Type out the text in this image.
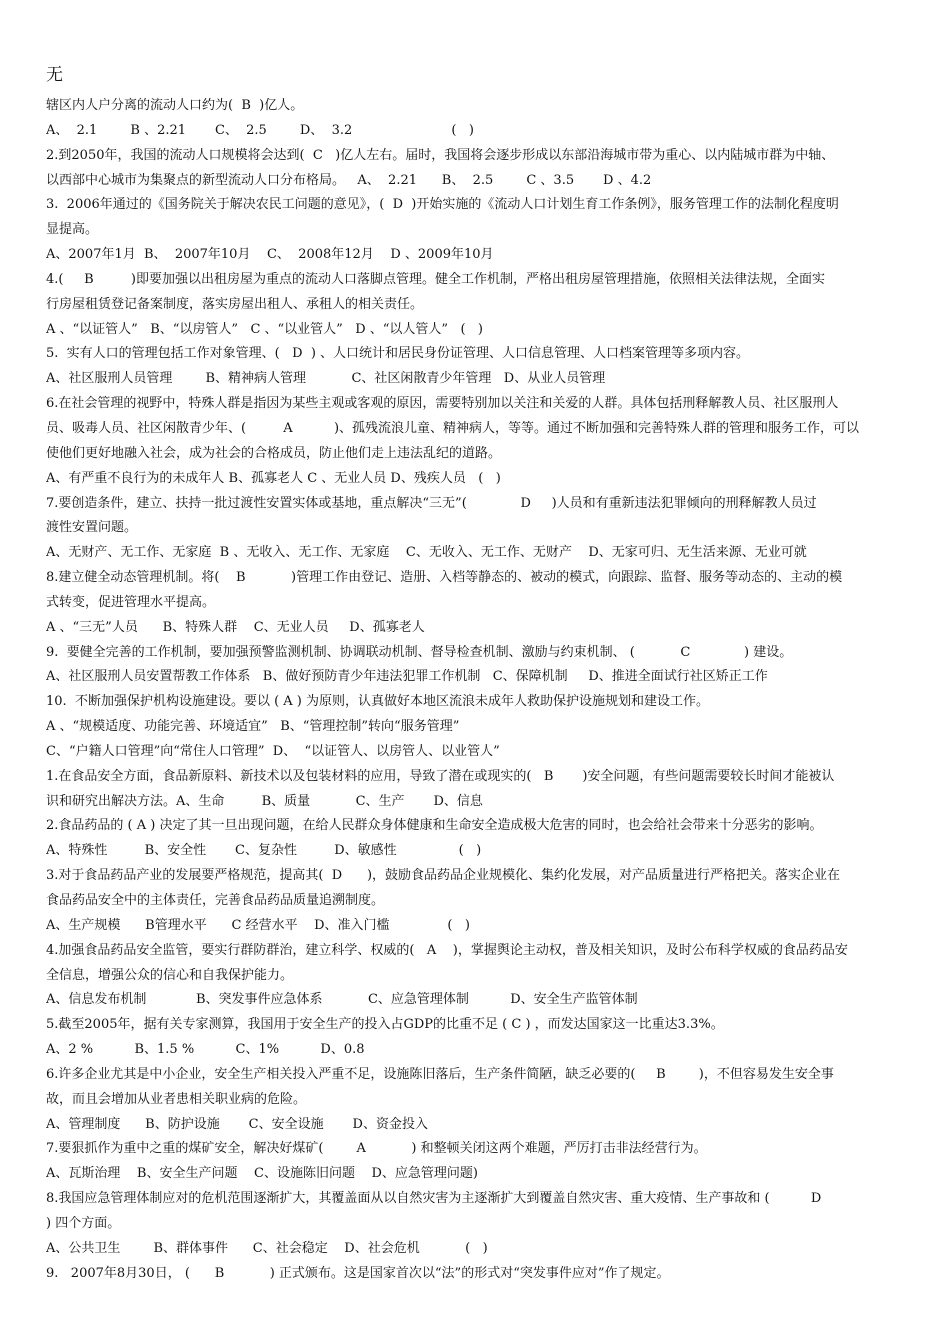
无
辖区内人户分离的流动人口约为(  B  )亿人。
A、  2.1        B 、2.21       C、  2.5        D、  3.2                        (   )
2.到2050年，我国的流动人口规模将会达到(  C   )亿人左右。届时，我国将会逐步形成以东部沿海城市带为重心、以内陆城市群为中轴、
以西部中心城市为集聚点的新型流动人口分布格局。   A、  2.21      B、  2.5        C 、3.5       D 、4.2
3.  2006年通过的《国务院关于解决农民工问题的意见》，(  D  )开始实施的《流动人口计划生育工作条例》，服务管理工作的法制化程度明
显提高。
A、2007年1月  B、  2007年10月    C、  2008年12月    D 、2009年10月
4.(     B         )即要加强以出租房屋为重点的流动人口落脚点管理。健全工作机制，严格出租房屋管理措施，依照相关法律法规，全面实
行房屋租赁登记备案制度，落实房屋出租人、承租人的相关责任。
A 、“以证管人”   B、“以房管人”   C 、“以业管人”   D 、“以人管人”   (   )
5.  实有人口的管理包括工作对象管理、(   D  ) 、人口统计和居民身份证管理、人口信息管理、人口档案管理等多项内容。
A、社区服刑人员管理        B、精神病人管理           C、社区闲散青少年管理   D、从业人员管理
6.在社会管理的视野中，特殊人群是指因为某些主观或客观的原因，需要特别加以关注和关爱的人群。具体包括刑释解教人员、社区服刑人
员、吸毒人员、社区闲散青少年、(         A          )、孤残流浪儿童、精神病人，等等。通过不断加强和完善特殊人群的管理和服务工作，可以
使他们更好地融入社会，成为社会的合格成员，防止他们走上违法乱纪的道路。
A、有严重不良行为的未成年人 B、孤寡老人 C 、无业人员 D、残疾人员   (   )
7.要创造条件，建立、扶持一批过渡性安置实体或基地，重点解决“三无”(             D     )人员和有重新违法犯罪倾向的刑释解教人员过
渡性安置问题。
A、无财产、无工作、无家庭  B 、无收入、无工作、无家庭    C、无收入、无工作、无财产    D、无家可归、无生活来源、无业可就
8.建立健全动态管理机制。将(    B           )管理工作由登记、造册、入档等静态的、被动的模式，向跟踪、监督、服务等动态的、主动的模
式转变，促进管理水平提高。
A 、“三无”人员      B、特殊人群    C、无业人员     D、孤寡老人
9.  要健全完善的工作机制，要加强预警监测机制、协调联动机制、督导检查机制、激励与约束机制、 (           C             ) 建设。
A、社区服刑人员安置帮教工作体系   B、做好预防青少年违法犯罪工作机制   C、保障机制     D、推进全面试行社区矫正工作
10.  不断加强保护机构设施建设。要以 ( A ) 为原则，认真做好本地区流浪未成年人救助保护设施规划和建设工作。
A 、“规模适度、功能完善、环境适宜”   B、“管理控制”转向“服务管理”
C、“户籍人口管理”向“常住人口管理”  D、  “以证管人、以房管人、以业管人”
1.在食品安全方面，食品新原料、新技术以及包装材料的应用，导致了潜在或现实的(   B       )安全问题，有些问题需要较长时间才能被认
识和研究出解决方法。A、生命         B、质量           C、生产       D、信息
2.食品药品的 ( A ) 决定了其一旦出现问题，在给人民群众身体健康和生命安全造成极大危害的同时，也会给社会带来十分恶劣的影响。
A、特殊性         B、安全性       C、复杂性         D、敏感性               (   )
3.对于食品药品产业的发展要严格规范，提高其(  D      )，鼓励食品药品企业规模化、集约化发展，对产品质量进行严格把关。落实企业在
食品药品安全中的主体责任，完善食品药品质量追溯制度。
A、生产规模      B管理水平      C 经营水平    D、准入门槛              (   )
4.加强食品药品安全监管，要实行群防群治，建立科学、权威的(   A    )，掌握舆论主动权，普及相关知识，及时公布科学权威的食品药品安
全信息，增强公众的信心和自我保护能力。
A、信息发布机制            B、突发事件应急体系           C、应急管理体制          D、安全生产监管体制
5.截至2005年，据有关专家测算，我国用于安全生产的投入占GDP的比重不足 ( C ) ，而发达国家这一比重达3.3%。
A、2 %          B、1.5 %          C、1%          D、0.8
6.许多企业尤其是中小企业，安全生产相关投入严重不足，设施陈旧落后，生产条件简陋，缺乏必要的(     B        )，不但容易发生安全事
故，而且会增加从业者患相关职业病的危险。
A、管理制度      B、防护设施       C、安全设施       D、资金投入
7.要狠抓作为重中之重的煤矿安全，解决好煤矿(        A           ) 和整顿关闭这两个难题，严厉打击非法经营行为。
A、瓦斯治理    B、安全生产问题    C、设施陈旧问题    D、应急管理问题)
8.我国应急管理体制应对的危机范围逐渐扩大，其覆盖面从以自然灾害为主逐渐扩大到覆盖自然灾害、重大疫情、生产事故和 (          D
) 四个方面。
A、公共卫生        B、群体事件      C、社会稳定    D、社会危机           (   )
9.   2007年8月30日， (      B           ) 正式颁布。这是国家首次以“法”的形式对“突发事件应对”作了规定。
